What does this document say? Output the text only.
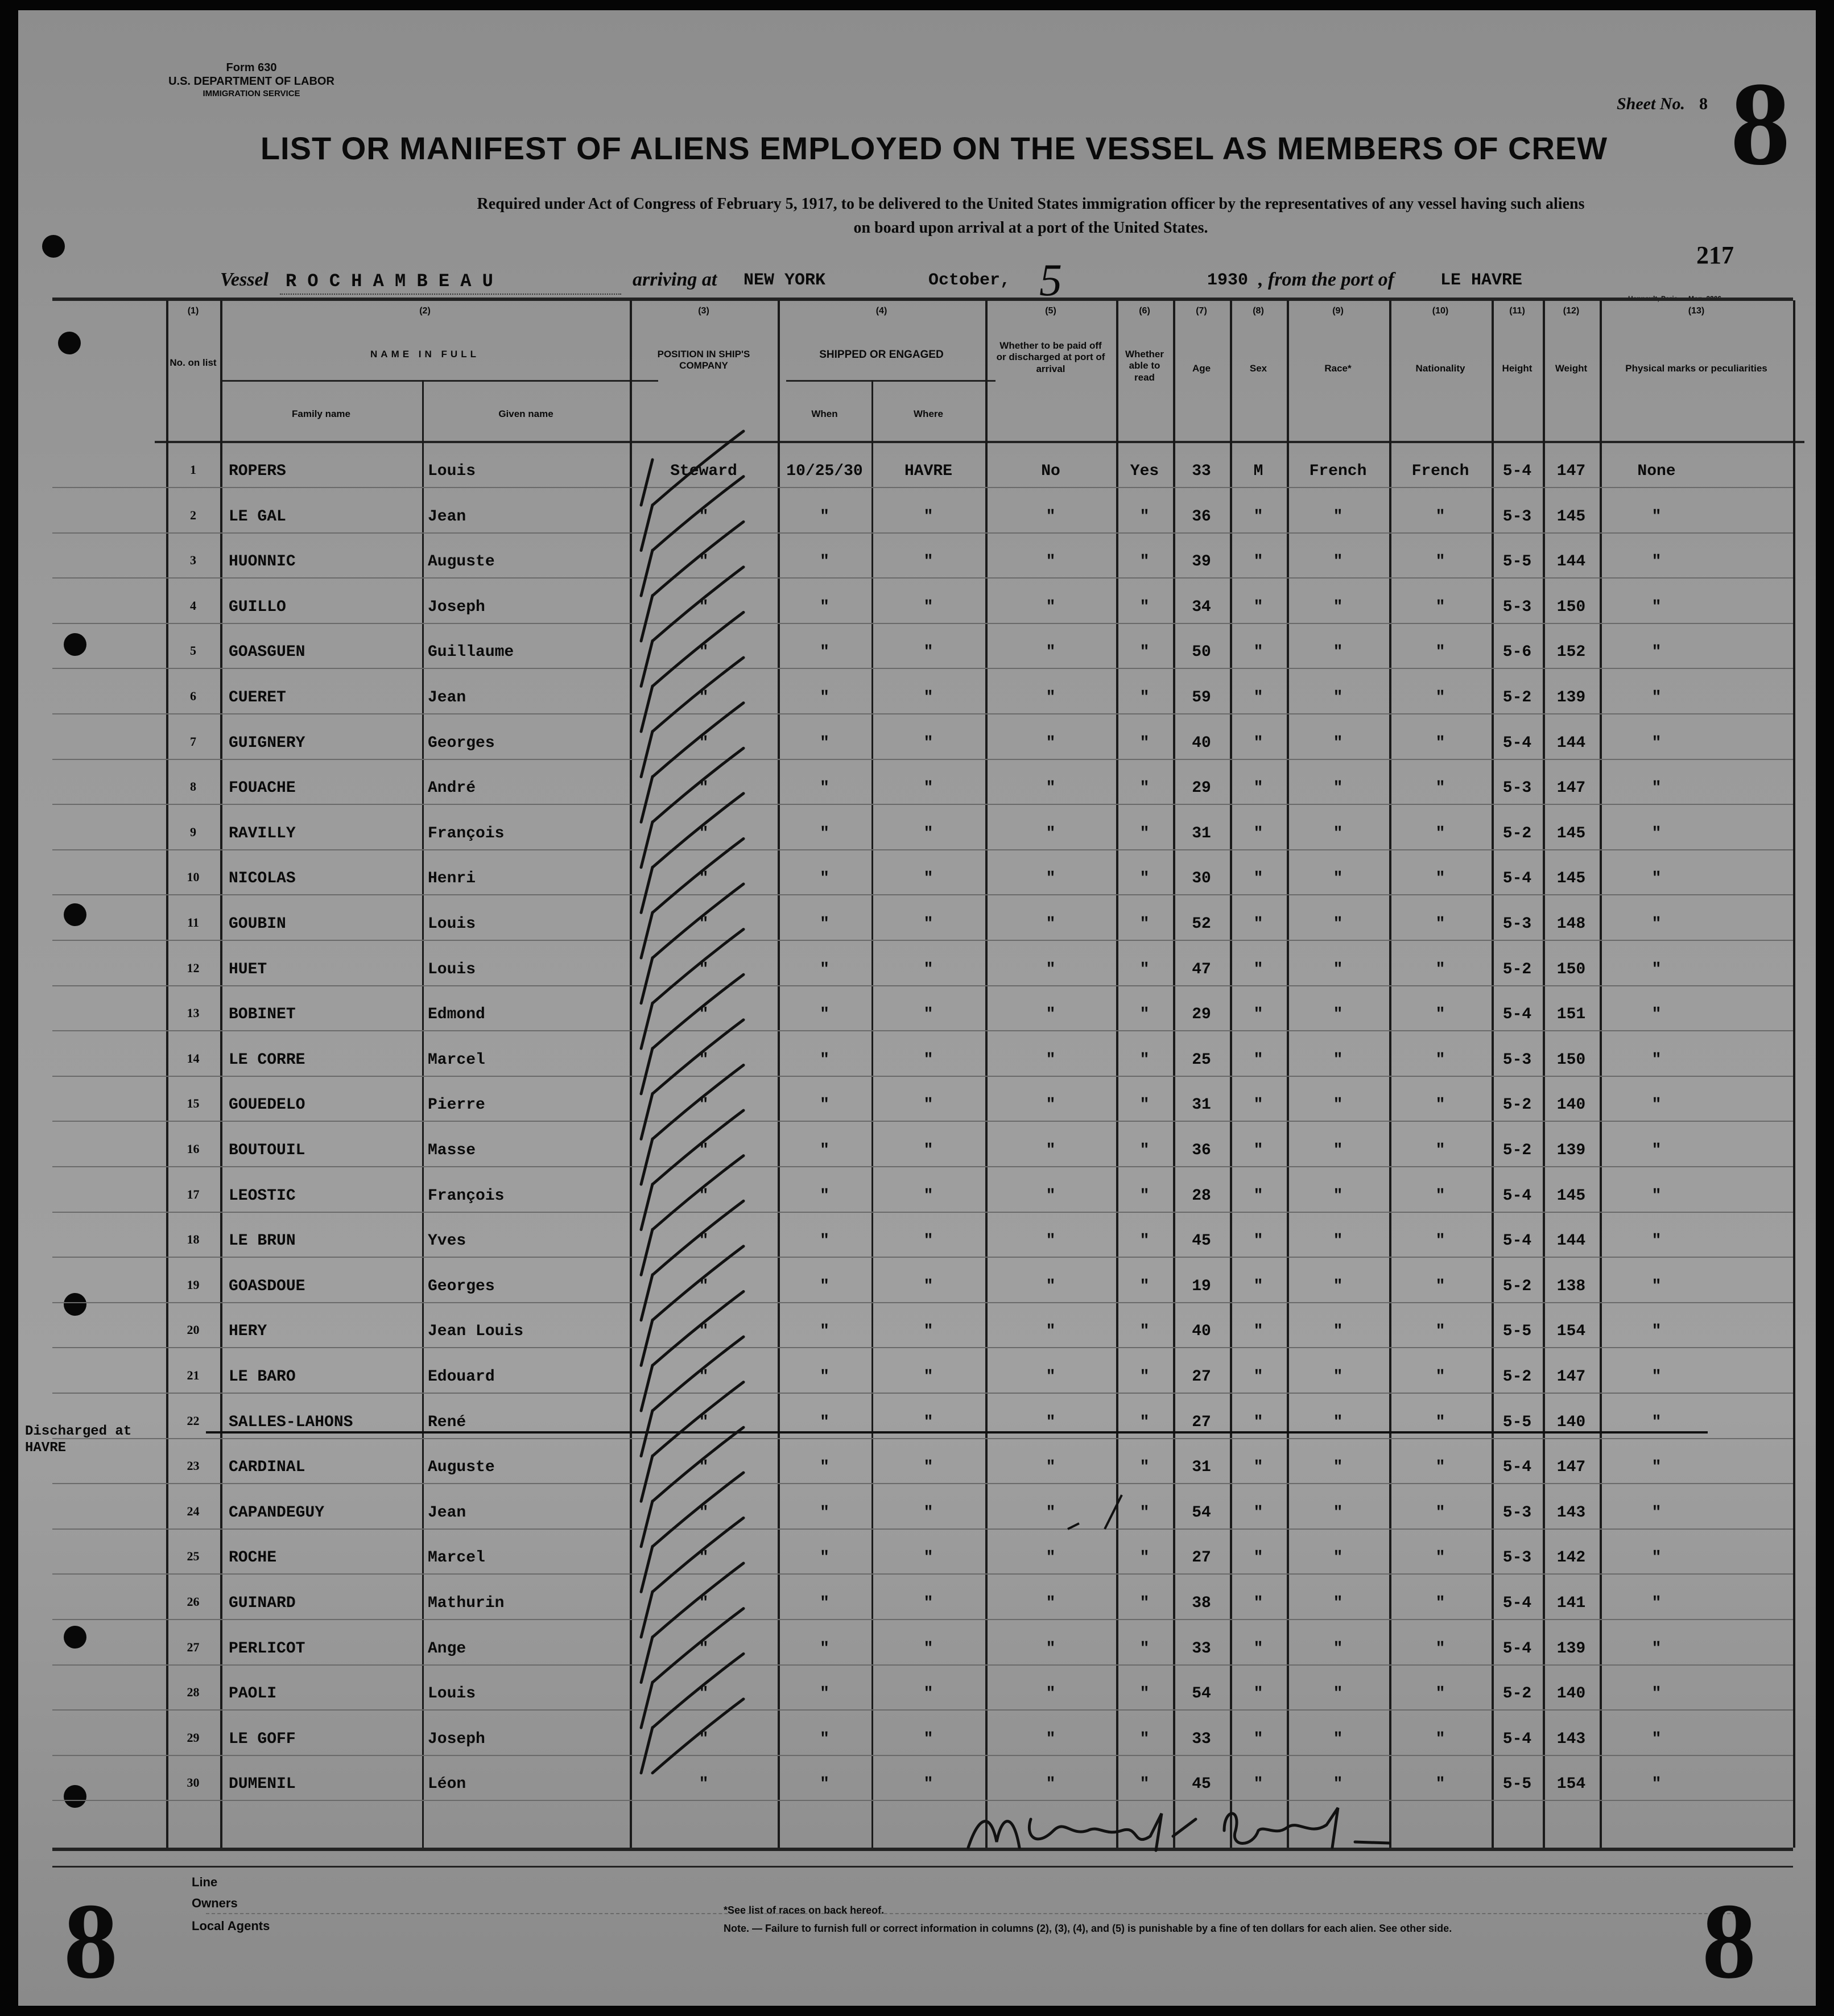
Form 630
U.S. DEPARTMENT OF LABOR
IMMIGRATION SERVICE
Sheet No. 8 8
LIST OR MANIFEST OF ALIENS EMPLOYED ON THE VESSEL AS MEMBERS OF CREW
Required under Act of Congress of February 5, 1917, to be delivered to the United States immigration officer by the representatives of any vessel having such aliens
on board upon arrival at a port of the United States.
217
Vessel R O C H A M B E A U	arriving at NEW YORK	October, 5	1930 , from the port of	LE HAVRE
Hennault, Paris — Mon. 2206.
(1)
No. on list
(2)
NAME IN FULL
Family name	Given name
(3)
POSITION IN SHIP'S COMPANY
(4)
SHIPPED OR ENGAGED
When	Where
(5)
Whether to be paid off or discharged at port of arrival
(6)
Whether able to read
(7)
Age
(8)
Sex
(9)
Race*
(10)
Nationality
(11)
Height
(12)
Weight
(13)
Physical marks or peculiarities
1	ROPERS	Louis	Steward	10/25/30	HAVRE	No	Yes	33	M	French	French	5-4	147	None
2	LE GAL	Jean	"	"	"	"	"	36	"	"	"	5-3	145	"
3	HUONNIC	Auguste	"	"	"	"	"	39	"	"	"	5-5	144	"
4	GUILLO	Joseph	"	"	"	"	"	34	"	"	"	5-3	150	"
5	GOASGUEN	Guillaume	"	"	"	"	"	50	"	"	"	5-6	152	"
6	CUERET	Jean	"	"	"	"	"	59	"	"	"	5-2	139	"
7	GUIGNERY	Georges	"	"	"	"	"	40	"	"	"	5-4	144	"
8	FOUACHE	André	"	"	"	"	"	29	"	"	"	5-3	147	"
9	RAVILLY	François	"	"	"	"	"	31	"	"	"	5-2	145	"
10	NICOLAS	Henri	"	"	"	"	"	30	"	"	"	5-4	145	"
11	GOUBIN	Louis	"	"	"	"	"	52	"	"	"	5-3	148	"
12	HUET	Louis	"	"	"	"	"	47	"	"	"	5-2	150	"
13	BOBINET	Edmond	"	"	"	"	"	29	"	"	"	5-4	151	"
14	LE CORRE	Marcel	"	"	"	"	"	25	"	"	"	5-3	150	"
15	GOUEDELO	Pierre	"	"	"	"	"	31	"	"	"	5-2	140	"
16	BOUTOUIL	Masse	"	"	"	"	"	36	"	"	"	5-2	139	"
17	LEOSTIC	François	"	"	"	"	"	28	"	"	"	5-4	145	"
18	LE BRUN	Yves	"	"	"	"	"	45	"	"	"	5-4	144	"
19	GOASDOUE	Georges	"	"	"	"	"	19	"	"	"	5-2	138	"
20	HERY	Jean Louis	"	"	"	"	"	40	"	"	"	5-5	154	"
21	LE BARO	Edouard	"	"	"	"	"	27	"	"	"	5-2	147	"
22	SALLES-LAHONS	René	"	"	"	"	"	27	"	"	"	5-5	140	"
23	CARDINAL	Auguste	"	"	"	"	"	31	"	"	"	5-4	147	"
24	CAPANDEGUY	Jean	"	"	"	"	"	54	"	"	"	5-3	143	"
25	ROCHE	Marcel	"	"	"	"	"	27	"	"	"	5-3	142	"
26	GUINARD	Mathurin	"	"	"	"	"	38	"	"	"	5-4	141	"
27	PERLICOT	Ange	"	"	"	"	"	33	"	"	"	5-4	139	"
28	PAOLI	Louis	"	"	"	"	"	54	"	"	"	5-2	140	"
29	LE GOFF	Joseph	"	"	"	"	"	33	"	"	"	5-4	143	"
30	DUMENIL	Léon	"	"	"	"	"	45	"	"	"	5-5	154	"
Discharged at HAVRE
Line
Owners
Local Agents
*See list of races on back hereof.
Note. — Failure to furnish full or correct information in columns (2), (3), (4), and (5) is punishable by a fine of ten dollars for each alien. See other side.
8	8
